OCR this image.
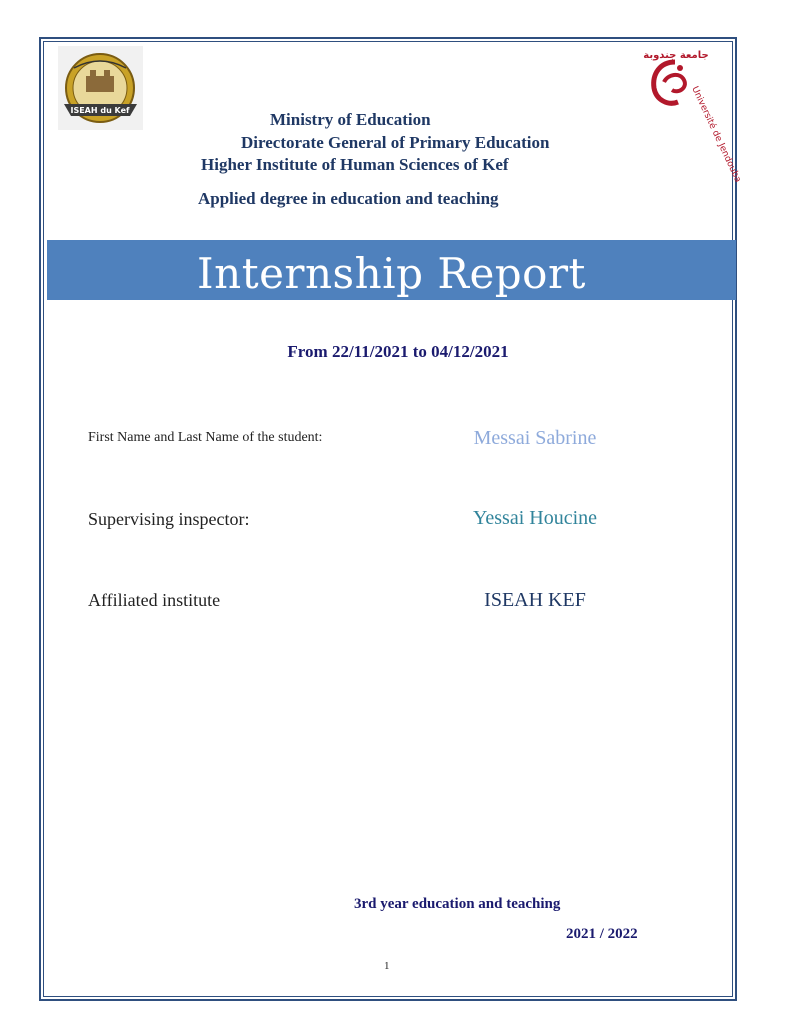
ISEAH du Kef
جامعة جندوبة
Université de Jendouba
Ministry of Education
Directorate General of Primary Education
Higher Institute of Human Sciences of Kef
Applied degree in education and teaching
Internship Report
From 22/11/2021 to 04/12/2021
First Name and Last Name of the student:	Messai Sabrine
Supervising inspector:	Yessai Houcine
Affiliated institute	ISEAH KEF
3rd year education and teaching
2021 / 2022
1
